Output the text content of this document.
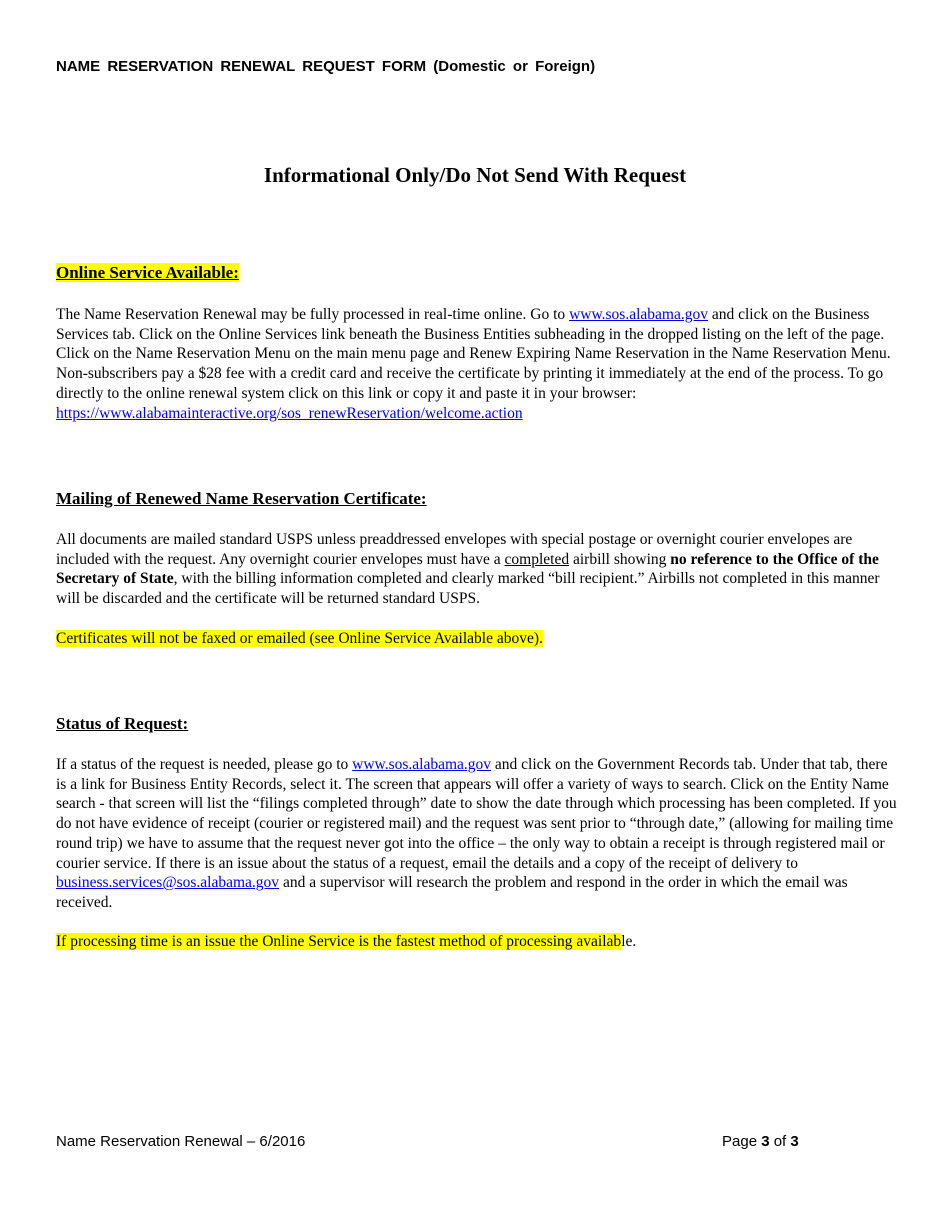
NAME RESERVATION RENEWAL REQUEST FORM (Domestic or Foreign)
Informational Only/Do Not Send With Request
Online Service Available:
The Name Reservation Renewal may be fully processed in real-time online. Go to www.sos.alabama.gov and click on the Business Services tab. Click on the Online Services link beneath the Business Entities subheading in the dropped listing on the left of the page. Click on the Name Reservation Menu on the main menu page and Renew Expiring Name Reservation in the Name Reservation Menu. Non-subscribers pay a $28 fee with a credit card and receive the certificate by printing it immediately at the end of the process. To go directly to the online renewal system click on this link or copy it and paste it in your browser: https://www.alabamainteractive.org/sos_renewReservation/welcome.action
Mailing of Renewed Name Reservation Certificate:
All documents are mailed standard USPS unless preaddressed envelopes with special postage or overnight courier envelopes are included with the request. Any overnight courier envelopes must have a completed airbill showing no reference to the Office of the Secretary of State, with the billing information completed and clearly marked “bill recipient.” Airbills not completed in this manner will be discarded and the certificate will be returned standard USPS.
Certificates will not be faxed or emailed (see Online Service Available above).
Status of Request:
If a status of the request is needed, please go to www.sos.alabama.gov and click on the Government Records tab. Under that tab, there is a link for Business Entity Records, select it. The screen that appears will offer a variety of ways to search. Click on the Entity Name search - that screen will list the “filings completed through” date to show the date through which processing has been completed. If you do not have evidence of receipt (courier or registered mail) and the request was sent prior to “through date,” (allowing for mailing time round trip) we have to assume that the request never got into the office – the only way to obtain a receipt is through registered mail or courier service. If there is an issue about the status of a request, email the details and a copy of the receipt of delivery to business.services@sos.alabama.gov and a supervisor will research the problem and respond in the order in which the email was received.
If processing time is an issue the Online Service is the fastest method of processing available.
Name Reservation Renewal – 6/2016	Page 3 of 3
